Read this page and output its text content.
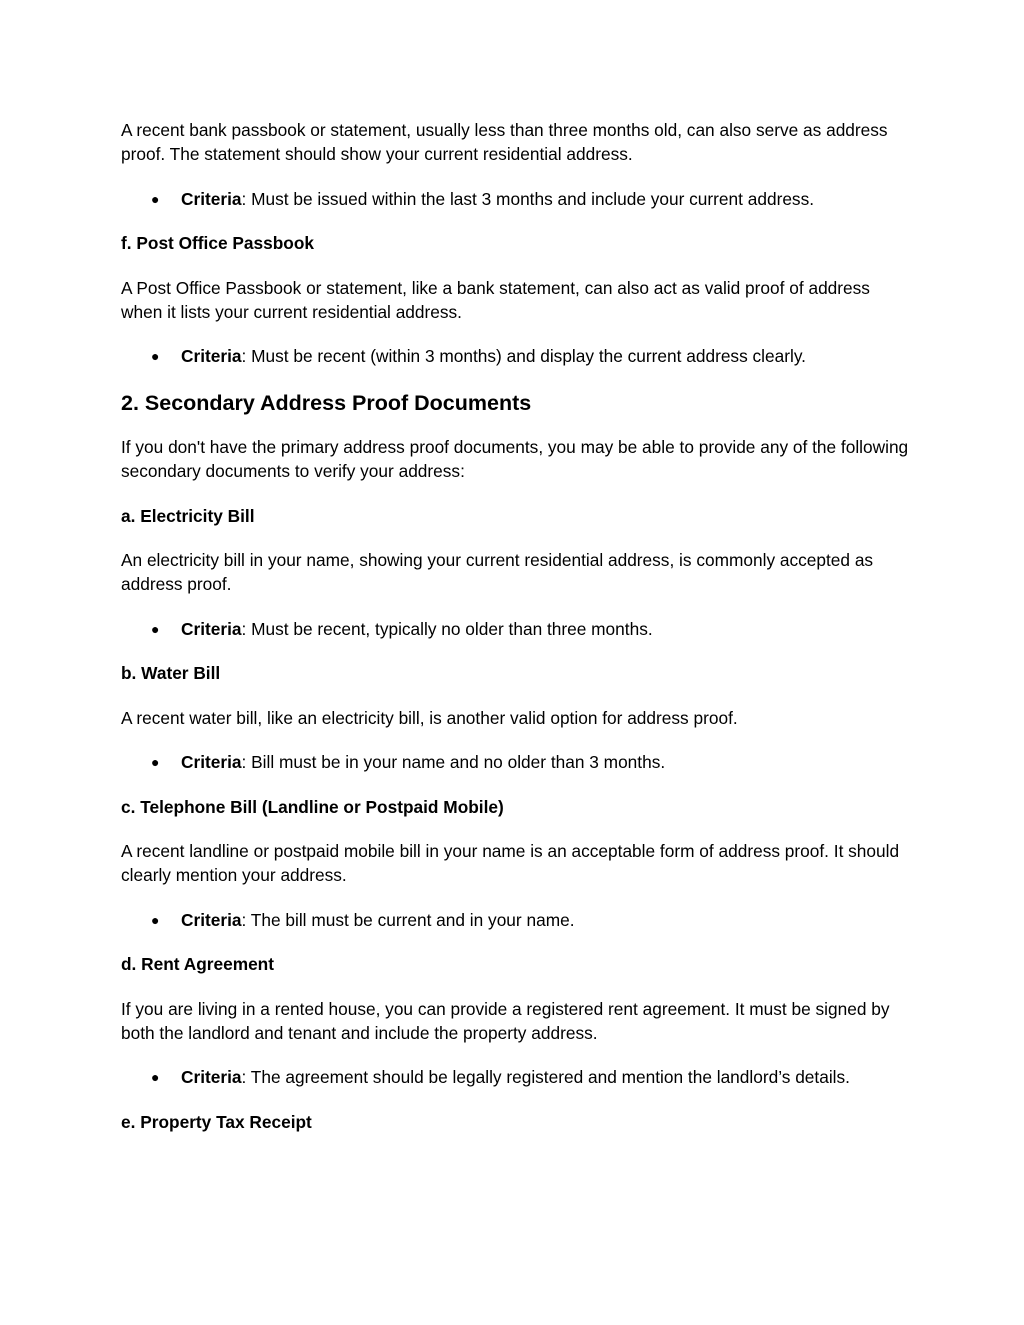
A recent bank passbook or statement, usually less than three months old, can also serve as address proof. The statement should show your current residential address.

● Criteria: Must be issued within the last 3 months and include your current address.

f. Post Office Passbook

A Post Office Passbook or statement, like a bank statement, can also act as valid proof of address when it lists your current residential address.

● Criteria: Must be recent (within 3 months) and display the current address clearly.

2. Secondary Address Proof Documents

If you don't have the primary address proof documents, you may be able to provide any of the following secondary documents to verify your address:

a. Electricity Bill

An electricity bill in your name, showing your current residential address, is commonly accepted as address proof.

● Criteria: Must be recent, typically no older than three months.

b. Water Bill

A recent water bill, like an electricity bill, is another valid option for address proof.

● Criteria: Bill must be in your name and no older than 3 months.

c. Telephone Bill (Landline or Postpaid Mobile)

A recent landline or postpaid mobile bill in your name is an acceptable form of address proof. It should clearly mention your address.

● Criteria: The bill must be current and in your name.

d. Rent Agreement

If you are living in a rented house, you can provide a registered rent agreement. It must be signed by both the landlord and tenant and include the property address.

● Criteria: The agreement should be legally registered and mention the landlord’s details.

e. Property Tax Receipt
